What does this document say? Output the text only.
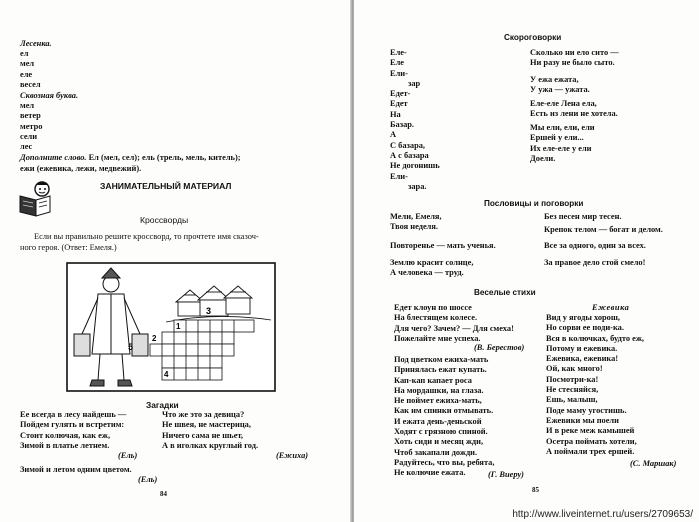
Лесенка.
ел
мел
еле
весел
Сквозная буква.
мел
ветер
метро
сели
лес
Дополните слово. Ел (мел, сел); ель (трель, мель, китель);
ежи (ежевика, лежи, медвежий).
ЗАНИМАТЕЛЬНЫЙ МАТЕРИАЛ
Кроссворды
Если вы правильно решите кроссворд, то прочтете имя сказоч-
ного героя. (Ответ: Емеля.)
1
2
3
4
5
Загадки
Ее всегда в лесу найдешь —
Пойдем гулять и встретим:
Стоит колючая, как еж,
Зимой в платье летнем.
(Ель)
Что же это за девица?
Не швея, не мастерица,
Ничего сама не шьет,
А в иголках круглый год.
(Ежиха)
Зимой и летом одним цветом.
(Ель)
84
Скороговорки
Еле-
Еле
Ели-
зар
Едет-
Едет
На
Базар.
А
С базара,
А с базара
Не догонишь
Ели-
зара.
Сколько ни ело сито —
Ни разу не было сыто.
У ежа ежата,
У ужа — ужата.
Еле-еле Лена ела,
Есть из лени не хотела.
Мы ели, ели, ели
Ершей у ели...
Их еле-еле у ели
Доели.
Пословицы и поговорки
Мели, Емеля,
Твоя неделя.
Повторенье — мать ученья.
Землю красит солнце,
А человека — труд.
Без песен мир тесен.
Крепок телом — богат и делом.
Все за одного, один за всех.
За правое дело стой смело!
Веселые стихи
Едет клоун по шоссе
На блестящем колесе.
Для чего? Зачем? — Для смеха!
Пожелайте мне успеха.
(В. Берестов)
Под цветком ежиха-мать
Принялась ежат купать.
Кап-кап капает роса
На мордашки, на глаза.
Не поймет ежиха-мать,
Как им спинки отмывать.
И ежата день-деньской
Ходят с грязною спиной.
Хоть сиди и месяц жди,
Чтоб закапали дожди.
Радуйтесь, что вы, ребята,
Не колючие ежата.	(Г. Виеру)
Ежевика
Вид у ягоды хорош,
Но сорви ее поди-ка.
Вся в колючках, будто еж,
Потому и ежевика.
Ежевика, ежевика!
Ой, как много!
Посмотри-ка!
Не стесняйся,
Ешь, малыш,
Поде маму угостишь.
Ежевики мы поели
И в реке меж камышей
Осетра поймать хотели,
А поймали трех ершей.
(С. Маршак)
85
http://www.liveinternet.ru/users/2709653/
